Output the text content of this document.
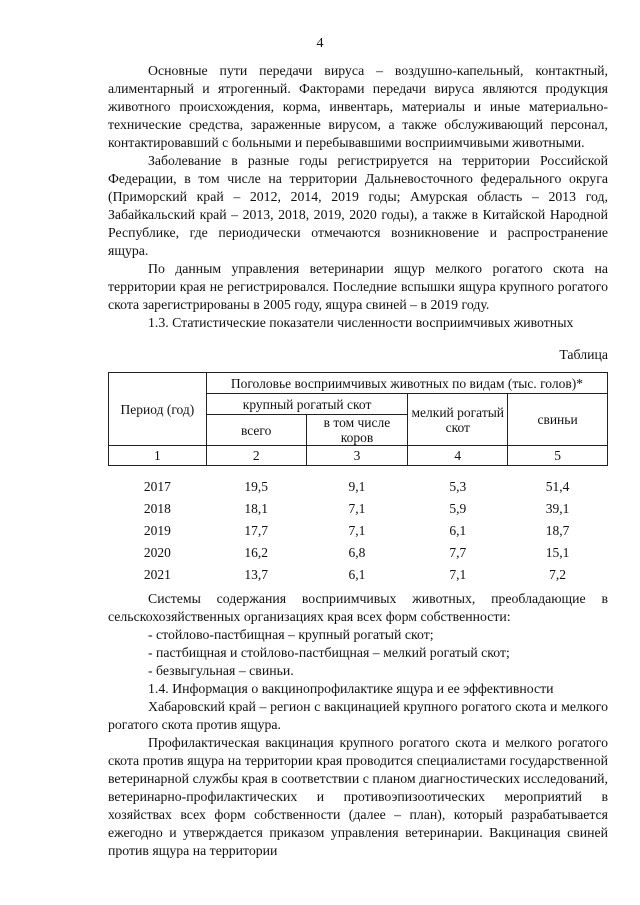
4

Основные пути передачи вируса – воздушно-капельный, контактный, алиментарный и ятрогенный. Факторами передачи вируса являются продукция животного происхождения, корма, инвентарь, материалы и иные материально-технические средства, зараженные вирусом, а также обслуживающий персонал, контактировавший с больными и перебывавшими восприимчивыми животными.

Заболевание в разные годы регистрируется на территории Российской Федерации, в том числе на территории Дальневосточного федерального округа (Приморский край – 2012, 2014, 2019 годы; Амурская область – 2013 год, Забайкальский край – 2013, 2018, 2019, 2020 годы), а также в Китайской Народной Республике, где периодически отмечаются возникновение и распространение ящура.

По данным управления ветеринарии ящур мелкого рогатого скота на территории края не регистрировался. Последние вспышки ящура крупного рогатого скота зарегистрированы в 2005 году, ящура свиней – в 2019 году.

1.3. Статистические показатели численности восприимчивых животных

Таблица
Период (год)	Поголовье восприимчивых животных по видам (тыс. голов)*			
	крупный рогатый скот		мелкий рогатый скот	свиньи
	всего	в том числе коров		
1	2	3	4	5
2017	19,5	9,1	5,3	51,4
2018	18,1	7,1	5,9	39,1
2019	17,7	7,1	6,1	18,7
2020	16,2	6,8	7,7	15,1
2021	13,7	6,1	7,1	7,2

Системы содержания восприимчивых животных, преобладающие в сельскохозяйственных организациях края всех форм собственности:

- стойлово-пастбищная – крупный рогатый скот;

- пастбищная и стойлово-пастбищная – мелкий рогатый скот;

- безвыгульная – свиньи.

1.4. Информация о вакцинопрофилактике ящура и ее эффективности

Хабаровский край – регион с вакцинацией крупного рогатого скота и мелкого рогатого скота против ящура.

Профилактическая вакцинация крупного рогатого скота и мелкого рогатого скота против ящура на территории края проводится специалистами государственной ветеринарной службы края в соответствии с планом диагностических исследований, ветеринарно-профилактических и противоэпизоотических мероприятий в хозяйствах всех форм собственности (далее – план), который разрабатывается ежегодно и утверждается приказом управления ветеринарии. Вакцинация свиней против ящура на территории
